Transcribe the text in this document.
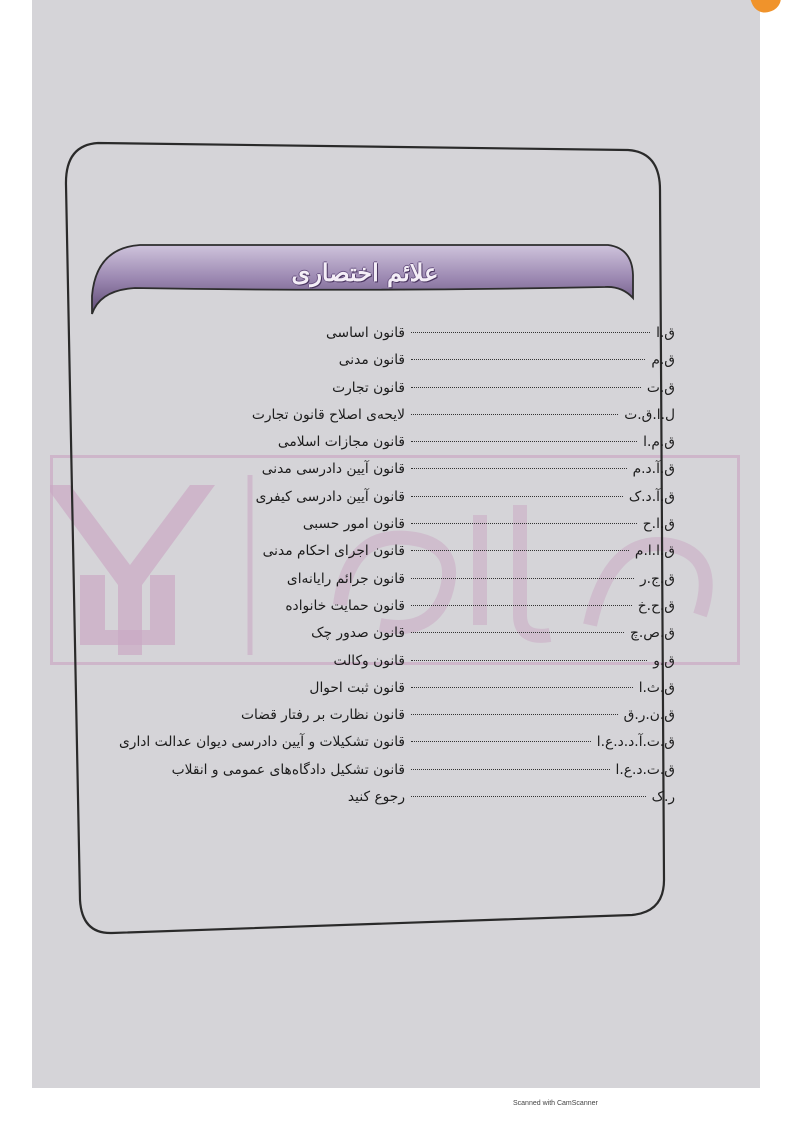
علائم اختصاری
ق.ا
قانون اساسی
ق.م
قانون مدنی
ق.ت
قانون تجارت
ل.ا.ق.ت
لایحه‌ی اصلاح قانون تجارت
ق.م.ا
قانون مجازات اسلامی
ق.آ.د.م
قانون آیین دادرسی مدنی
ق.آ.د.ک
قانون آیین دادرسی کیفری
ق.ا.ح
قانون امور حسبی
ق.ا.ا.م
قانون اجرای احکام مدنی
ق.ج.ر
قانون جرائم رایانه‌ای
ق.ح.خ
قانون حمایت خانواده
ق.ص.چ
قانون صدور چک
ق.و
قانون وکالت
ق.ث.ا
قانون ثبت احوال
ق.ن.ر.ق
قانون نظارت بر رفتار قضات
ق.ت.آ.د.د.ع.ا
قانون تشکیلات و آیین دادرسی دیوان عدالت اداری
ق.ت.د.ع.ا
قانون تشکیل دادگاه‌های عمومی و انقلاب
ر.ک
رجوع کنید
Scanned with CamScanner
